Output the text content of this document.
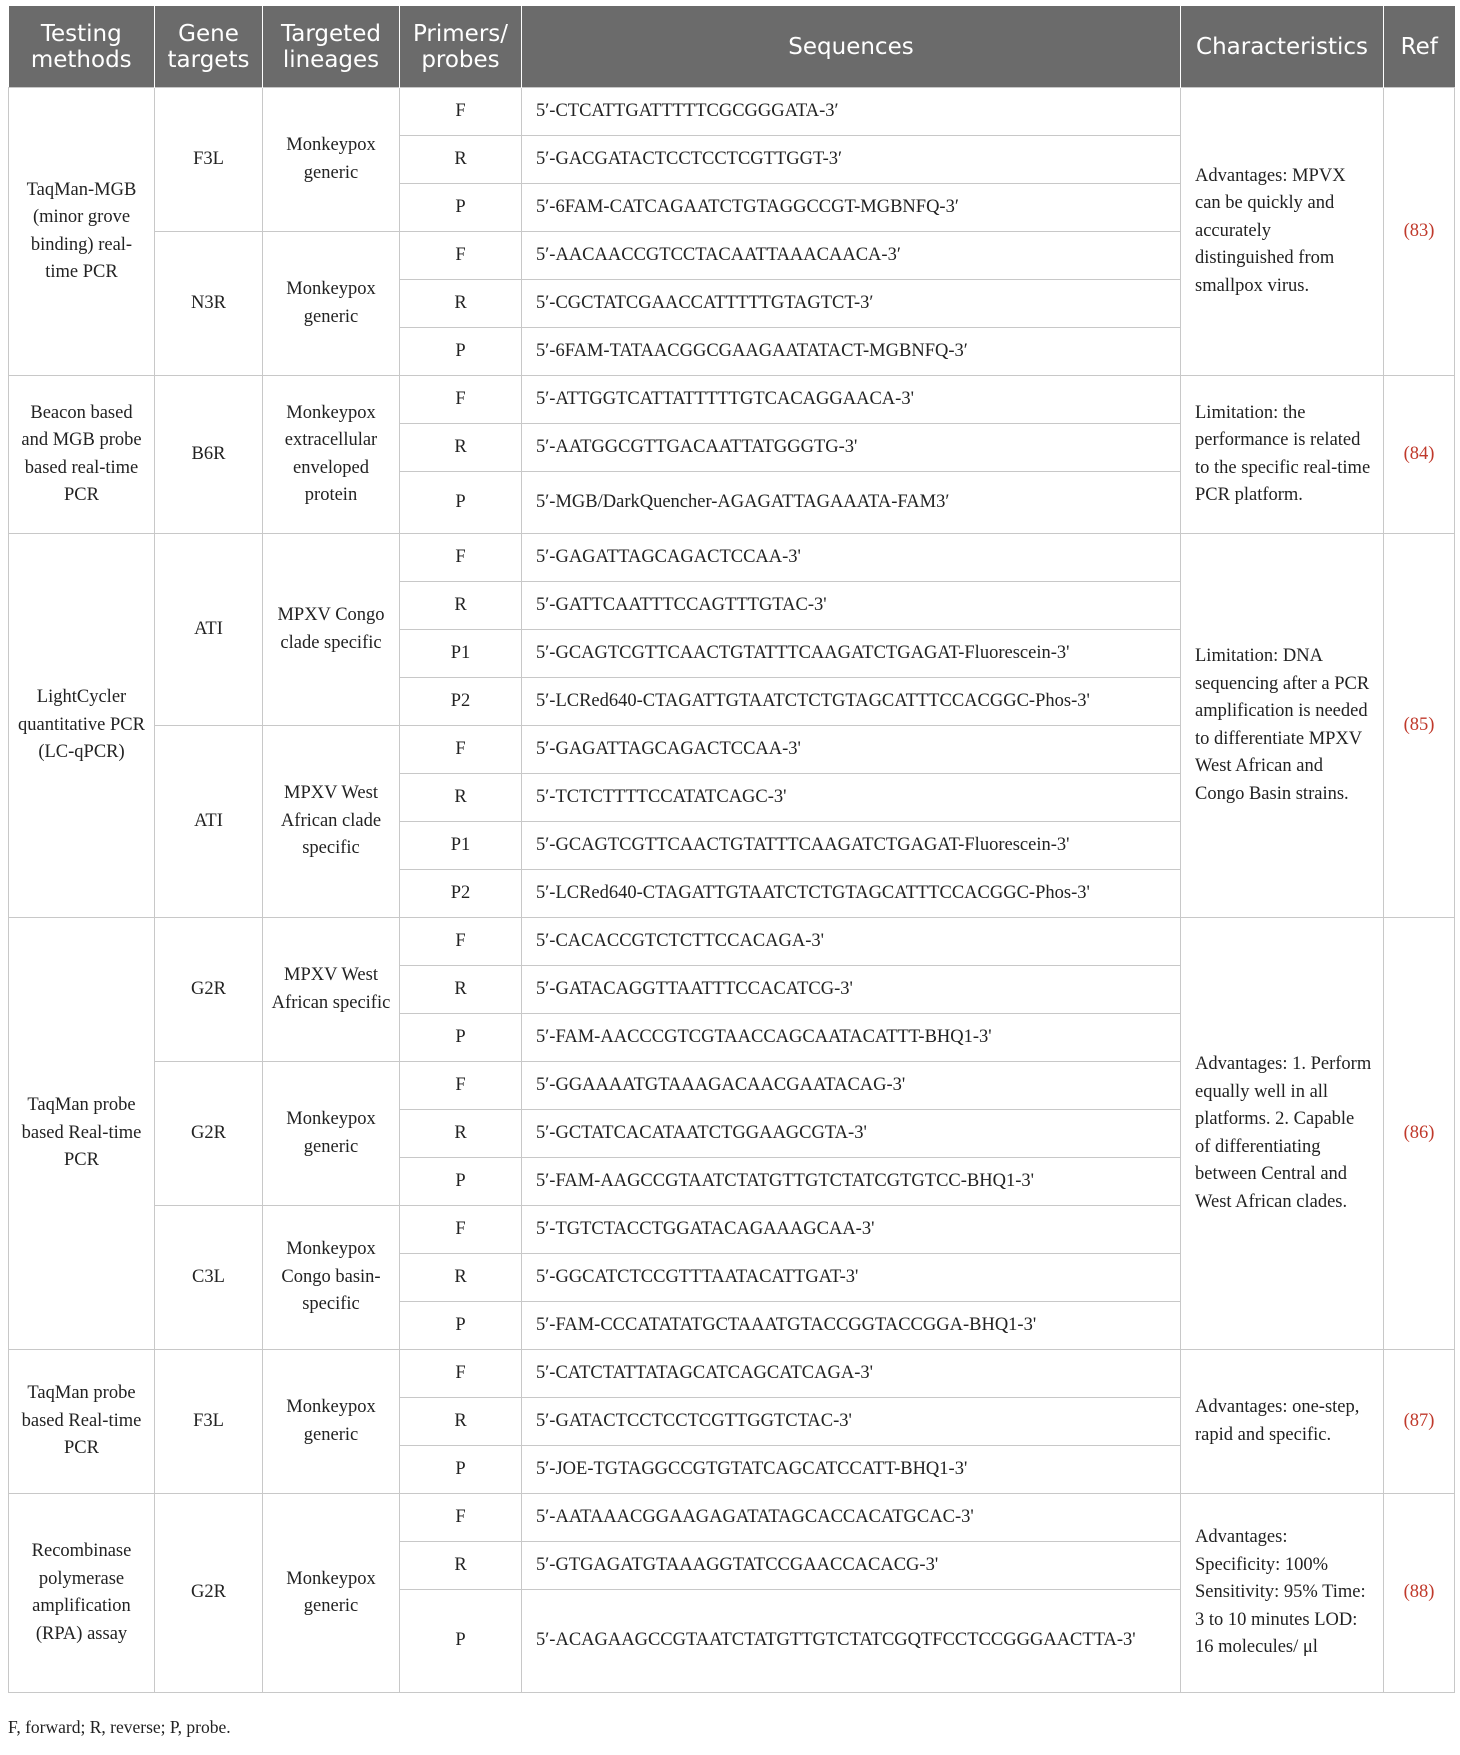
Testing methods	Gene targets	Targeted lineages	Primers/ probes	Sequences	Characteristics	Ref
TaqMan-MGB (minor grove binding) real-time PCR	F3L	Monkeypox generic	F	5′-CTCATTGATTTTTCGCGGGATA-3′	Advantages: MPVX can be quickly and accurately distinguished from smallpox virus.	(83)
			R	5′-GACGATACTCCTCCTCGTTGGT-3′		
			P	5′-6FAM-CATCAGAATCTGTAGGCCGT-MGBNFQ-3′		
	N3R	Monkeypox generic	F	5′-AACAACCGTCCTACAATTAAACAACA-3′		
			R	5′-CGCTATCGAACCATTTTTGTAGTCT-3′		
			P	5′-6FAM-TATAACGGCGAAGAATATACT-MGBNFQ-3′		
Beacon based and MGB probe based real-time PCR	B6R	Monkeypox extracellular enveloped protein	F	5′-ATTGGTCATTATTTTTGTCACAGGAACA-3'	Limitation: the performance is related to the specific real-time PCR platform.	(84)
			R	5′-AATGGCGTTGACAATTATGGGTG-3'		
			P	5′-MGB/DarkQuencher-AGAGATTAGAAATA-FAM3′		
LightCycler quantitative PCR (LC-qPCR)	ATI	MPXV Congo clade specific	F	5′-GAGATTAGCAGACTCCAA-3'	Limitation: DNA sequencing after a PCR amplification is needed to differentiate MPXV West African and Congo Basin strains.	(85)
			R	5′-GATTCAATTTCCAGTTTGTAC-3'		
			P1	5′-GCAGTCGTTCAACTGTATTTCAAGATCTGAGAT-Fluorescein-3'		
			P2	5′-LCRed640-CTAGATTGTAATCTCTGTAGCATTTCCACGGC-Phos-3'		
	ATI	MPXV West African clade specific	F	5′-GAGATTAGCAGACTCCAA-3'		
			R	5′-TCTCTTTTCCATATCAGC-3'		
			P1	5′-GCAGTCGTTCAACTGTATTTCAAGATCTGAGAT-Fluorescein-3'		
			P2	5′-LCRed640-CTAGATTGTAATCTCTGTAGCATTTCCACGGC-Phos-3'		
TaqMan probe based Real-time PCR	G2R	MPXV West African specific	F	5′-CACACCGTCTCTTCCACAGA-3'	Advantages: 1. Perform equally well in all platforms. 2. Capable of differentiating between Central and West African clades.	(86)
			R	5′-GATACAGGTTAATTTCCACATCG-3'		
			P	5′-FAM-AACCCGTCGTAACCAGCAATACATTT-BHQ1-3'		
	G2R	Monkeypox generic	F	5′-GGAAAATGTAAAGACAACGAATACAG-3'		
			R	5′-GCTATCACATAATCTGGAAGCGTA-3'		
			P	5′-FAM-AAGCCGTAATCTATGTTGTCTATCGTGTCC-BHQ1-3'		
	C3L	Monkeypox Congo basin-specific	F	5′-TGTCTACCTGGATACAGAAAGCAA-3'		
			R	5′-GGCATCTCCGTTTAATACATTGAT-3'		
			P	5′-FAM-CCCATATATGCTAAATGTACCGGTACCGGA-BHQ1-3'		
TaqMan probe based Real-time PCR	F3L	Monkeypox generic	F	5′-CATCTATTATAGCATCAGCATCAGA-3'	Advantages: one-step, rapid and specific.	(87)
			R	5′-GATACTCCTCCTCGTTGGTCTAC-3'		
			P	5′-JOE-TGTAGGCCGTGTATCAGCATCCATT-BHQ1-3'		
Recombinase polymerase amplification (RPA) assay	G2R	Monkeypox generic	F	5′-AATAAACGGAAGAGATATAGCACCACATGCAC-3'	Advantages: Specificity: 100% Sensitivity: 95% Time: 3 to 10 minutes LOD: 16 molecules/ μl	(88)
			R	5′-GTGAGATGTAAAGGTATCCGAACCACACG-3'		
			P	5′-ACAGAAGCCGTAATCTATGTTGTCTATCGQTFCCTCCGGGAACTTA-3'		
F, forward; R, reverse; P, probe.
